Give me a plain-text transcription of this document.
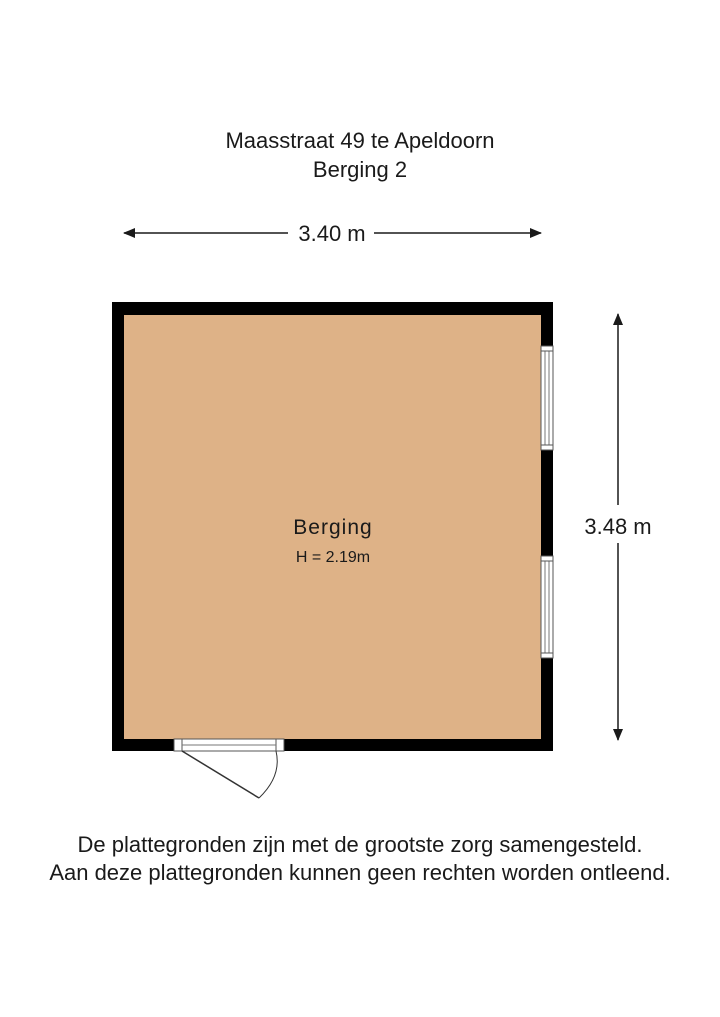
Maasstraat 49 te Apeldoorn
Berging 2
3.40 m
3.48 m
Berging
H = 2.19m
De plattegronden zijn met de grootste zorg samengesteld.
Aan deze plattegronden kunnen geen rechten worden ontleend.
